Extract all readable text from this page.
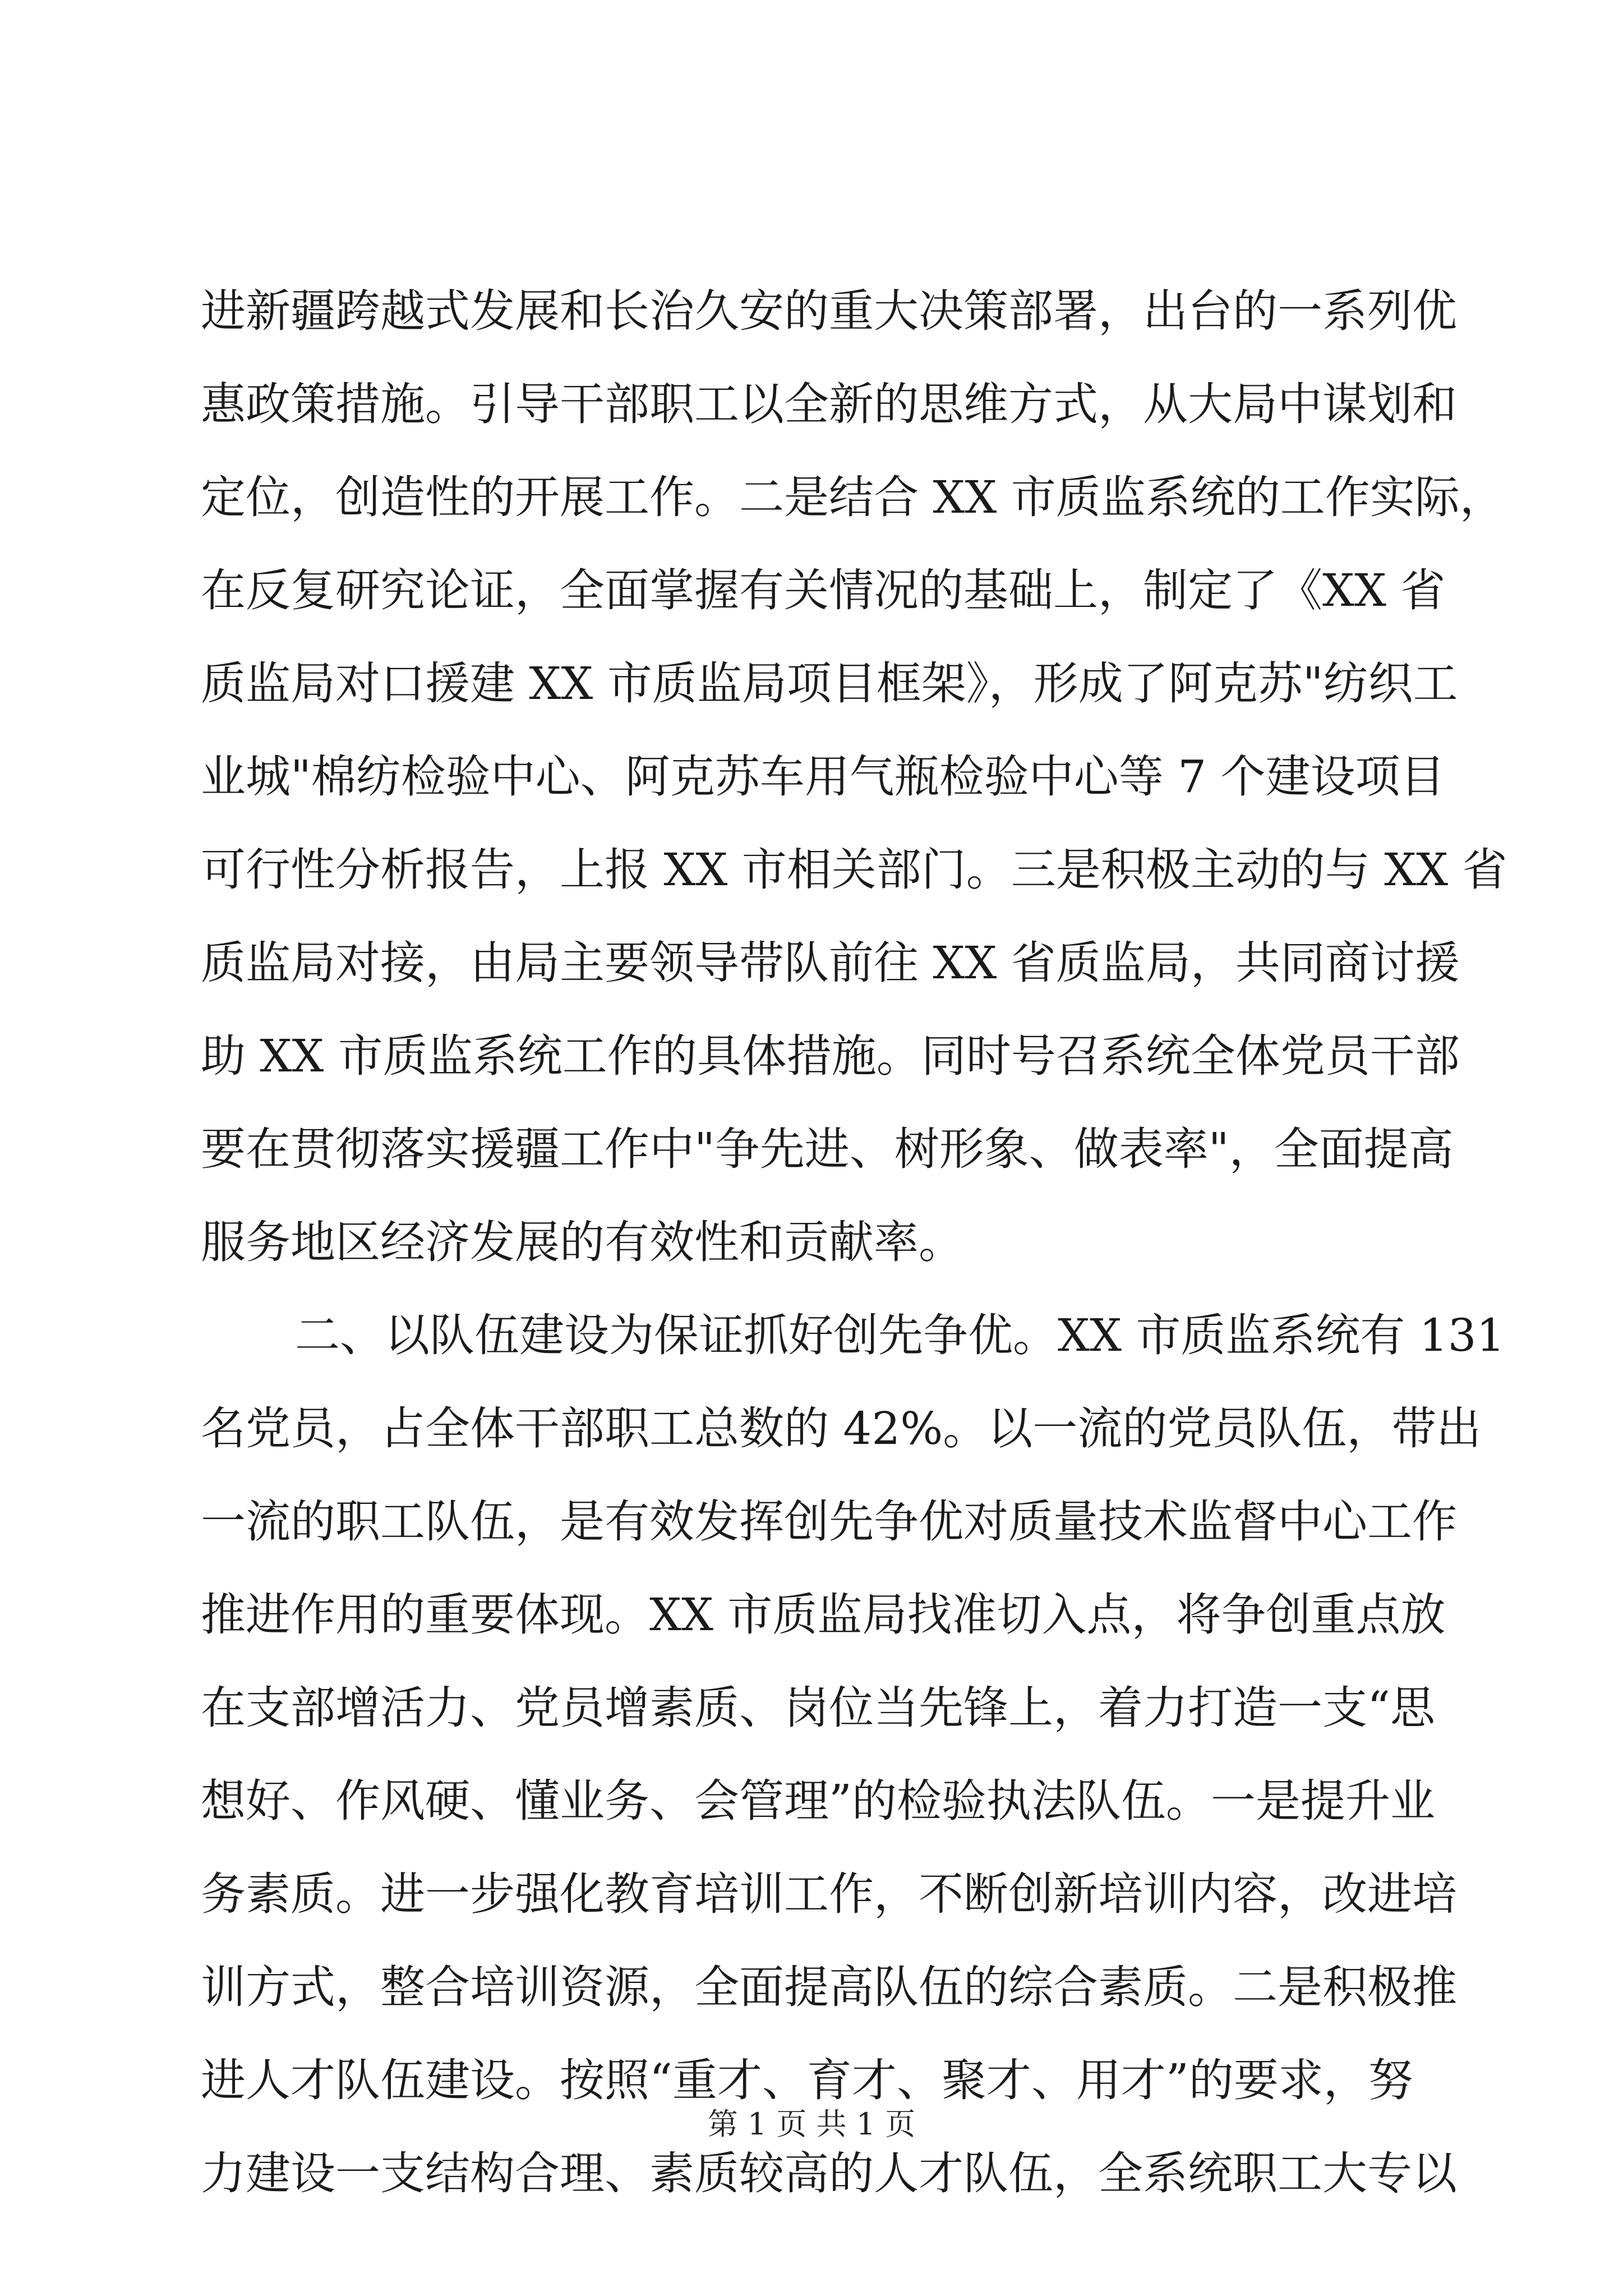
进新疆跨越式发展和长治久安的重大决策部署，出台的一系列优
惠政策措施。引导干部职工以全新的思维方式，从大局中谋划和
定位，创造性的开展工作。二是结合 XX 市质监系统的工作实际，
在反复研究论证，全面掌握有关情况的基础上，制定了《XX 省
质监局对口援建 XX 市质监局项目框架》，形成了阿克苏"纺织工
业城"棉纺检验中心、阿克苏车用气瓶检验中心等 7 个建设项目
可行性分析报告，上报 XX 市相关部门。三是积极主动的与 XX 省
质监局对接，由局主要领导带队前往 XX 省质监局，共同商讨援
助 XX 市质监系统工作的具体措施。同时号召系统全体党员干部
要在贯彻落实援疆工作中"争先进、树形象、做表率"，全面提高
服务地区经济发展的有效性和贡献率。
二、以队伍建设为保证抓好创先争优。XX 市质监系统有 131
名党员，占全体干部职工总数的 42%。以一流的党员队伍，带出
一流的职工队伍，是有效发挥创先争优对质量技术监督中心工作
推进作用的重要体现。XX 市质监局找准切入点，将争创重点放
在支部增活力、党员增素质、岗位当先锋上，着力打造一支“思
想好、作风硬、懂业务、会管理”的检验执法队伍。一是提升业
务素质。进一步强化教育培训工作，不断创新培训内容，改进培
训方式，整合培训资源，全面提高队伍的综合素质。二是积极推
进人才队伍建设。按照“重才、育才、聚才、用才”的要求，努
力建设一支结构合理、素质较高的人才队伍，全系统职工大专以
第 1 页 共 1 页
